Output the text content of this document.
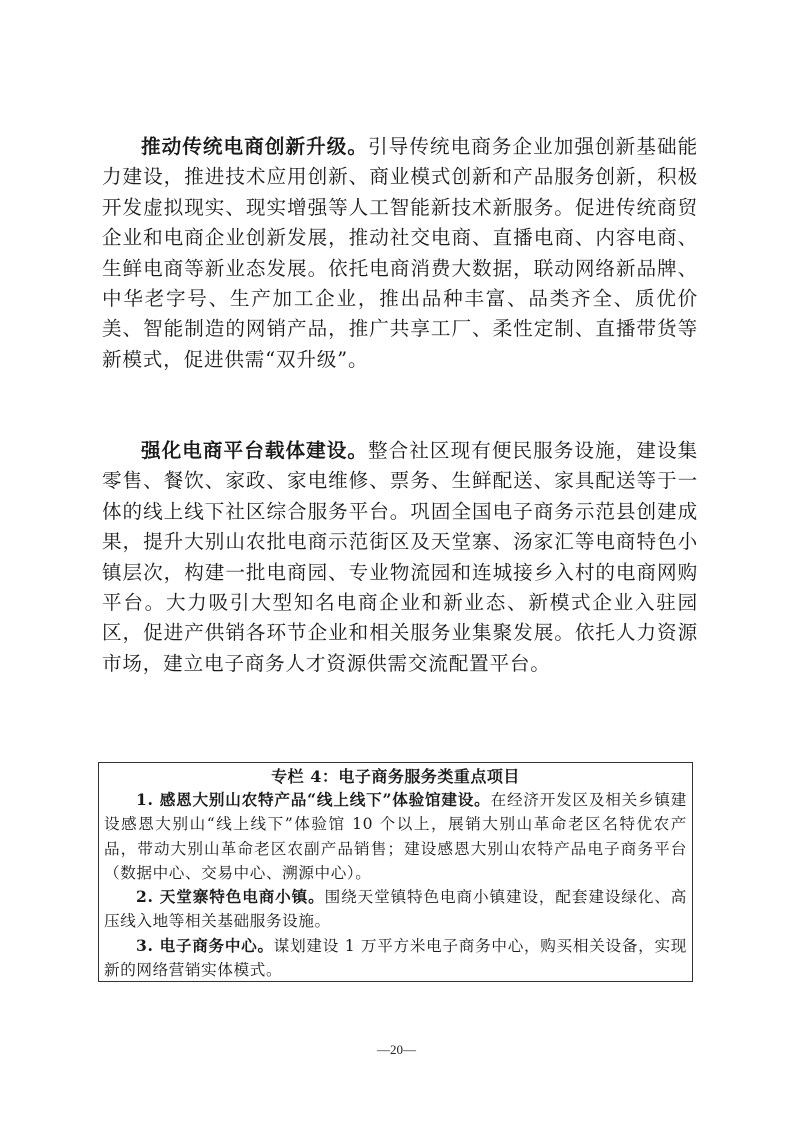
推动传统电商创新升级。引导传统电商务企业加强创新基础能力建设，推进技术应用创新、商业模式创新和产品服务创新，积极开发虚拟现实、现实增强等人工智能新技术新服务。促进传统商贸企业和电商企业创新发展，推动社交电商、直播电商、内容电商、生鲜电商等新业态发展。依托电商消费大数据，联动网络新品牌、中华老字号、生产加工企业，推出品种丰富、品类齐全、质优价美、智能制造的网销产品，推广共享工厂、柔性定制、直播带货等新模式，促进供需“双升级”。

强化电商平台载体建设。整合社区现有便民服务设施，建设集零售、餐饮、家政、家电维修、票务、生鲜配送、家具配送等于一体的线上线下社区综合服务平台。巩固全国电子商务示范县创建成果，提升大别山农批电商示范街区及天堂寨、汤家汇等电商特色小镇层次，构建一批电商园、专业物流园和连城接乡入村的电商网购平台。大力吸引大型知名电商企业和新业态、新模式企业入驻园区，促进产供销各环节企业和相关服务业集聚发展。依托人力资源市场，建立电子商务人才资源供需交流配置平台。

专栏 4：电子商务服务类重点项目

1. 感恩大别山农特产品“线上线下”体验馆建设。在经济开发区及相关乡镇建设感恩大别山“线上线下”体验馆 10 个以上，展销大别山革命老区名特优农产品，带动大别山革命老区农副产品销售；建设感恩大别山农特产品电子商务平台（数据中心、交易中心、溯源中心）。

2. 天堂寨特色电商小镇。围绕天堂镇特色电商小镇建设，配套建设绿化、高压线入地等相关基础服务设施。

3. 电子商务中心。谋划建设 1 万平方米电子商务中心，购买相关设备，实现新的网络营销实体模式。

—20—
